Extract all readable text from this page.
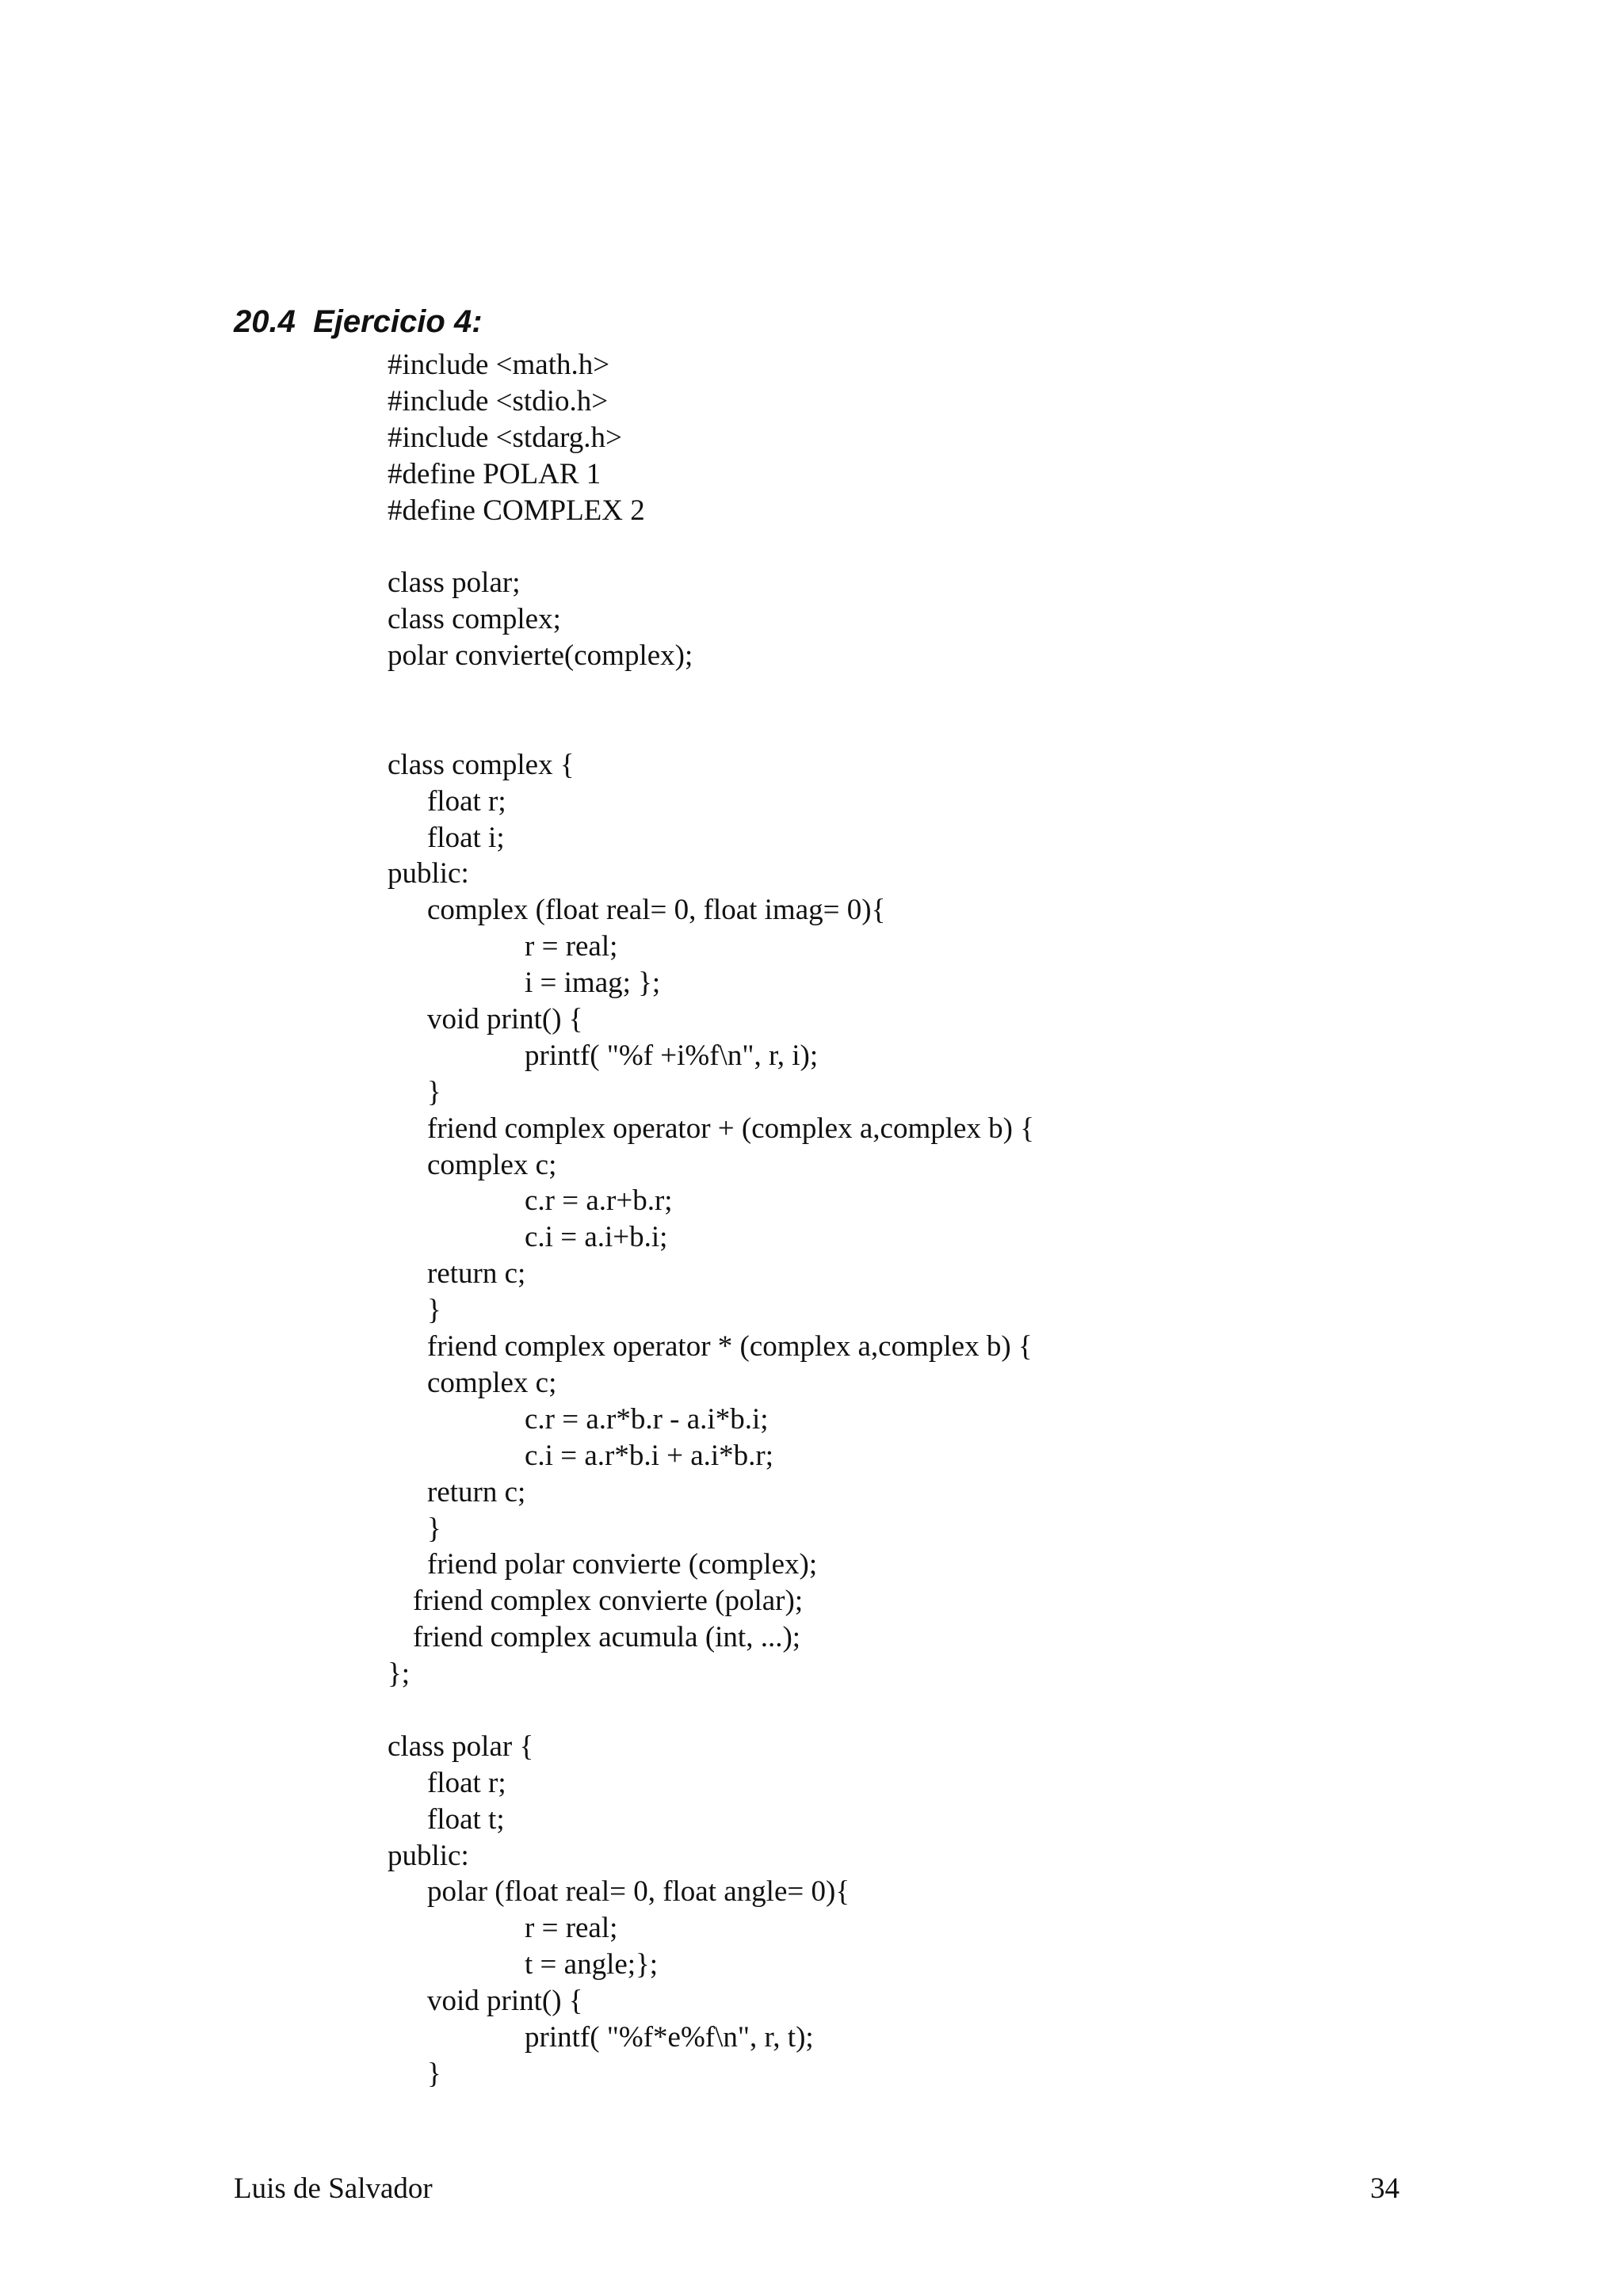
20.4  Ejercicio 4:
#include <math.h>
#include <stdio.h>
#include <stdarg.h>
#define POLAR 1
#define COMPLEX 2
class polar;
class complex;
polar convierte(complex);
class complex {
float r;
float i;
public:
complex (float real= 0, float imag= 0){
r = real;
i = imag; };
void print() {
printf( "%f +i%f\n", r, i);
}
friend complex operator + (complex a,complex b) {
complex c;
c.r = a.r+b.r;
c.i = a.i+b.i;
return c;
}
friend complex operator * (complex a,complex b) {
complex c;
c.r = a.r*b.r - a.i*b.i;
c.i = a.r*b.i + a.i*b.r;
return c;
}
friend polar convierte (complex);
friend complex convierte (polar);
friend complex acumula (int, ...);
};
class polar {
float r;
float t;
public:
polar (float real= 0, float angle= 0){
r = real;
t = angle;};
void print() {
printf( "%f*e%f\n", r, t);
}
Luis de Salvador	34
